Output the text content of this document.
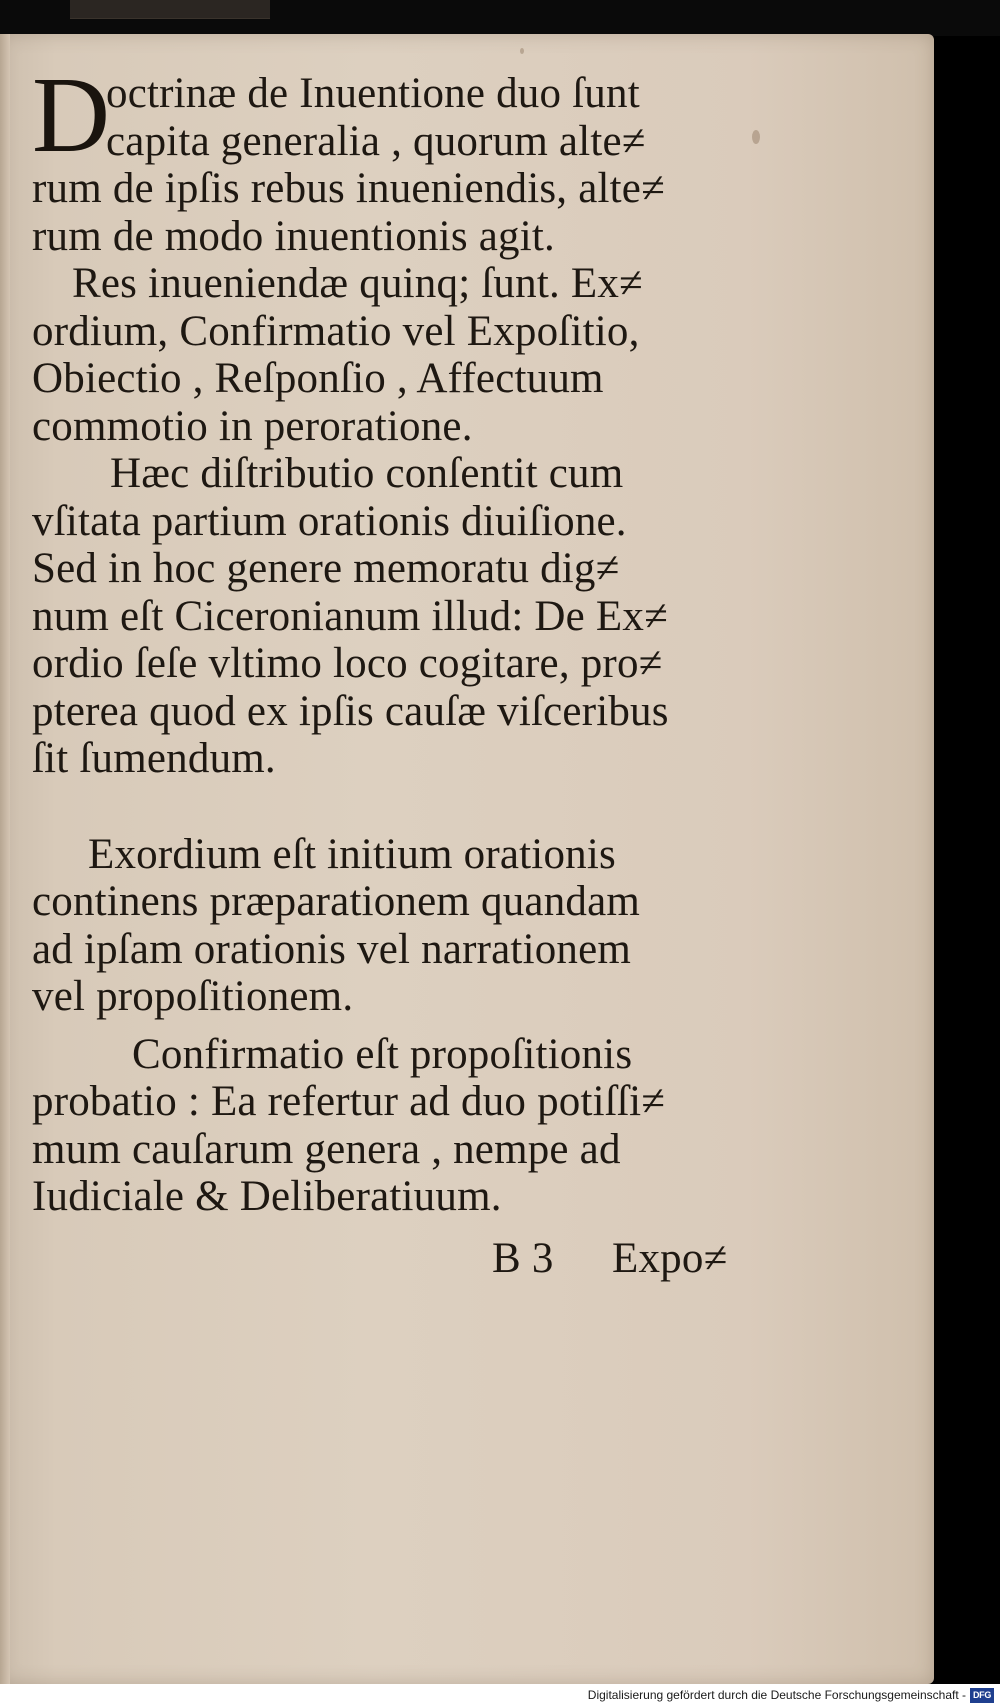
D
octrinæ de Inuentione duo ſunt
capita generalia , quorum alte≠
rum de ipſis rebus inueniendis, alte≠
rum de modo inuentionis agit.
Res inueniendæ quinq; ſunt. Ex≠
ordium, Confirmatio vel Expoſitio,
Obiectio , Reſponſio , Affectuum
commotio in peroratione.
Hæc diſtributio conſentit cum
vſitata partium orationis diuiſione.
Sed in hoc genere memoratu dig≠
num eſt Ciceronianum illud: De Ex≠
ordio ſeſe vltimo loco cogitare, pro≠
pterea quod ex ipſis cauſæ viſceribus
ſit ſumendum.
Exordium eſt initium orationis
continens præparationem quandam
ad ipſam orationis vel narrationem
vel propoſitionem.
Confirmatio eſt propoſitionis
probatio : Ea refertur ad duo potiſſi≠
mum cauſarum genera , nempe ad
Iudiciale & Deliberatiuum.
B 3	Expo≠
Digitalisierung gefördert durch die Deutsche Forschungsgemeinschaft - DFG
